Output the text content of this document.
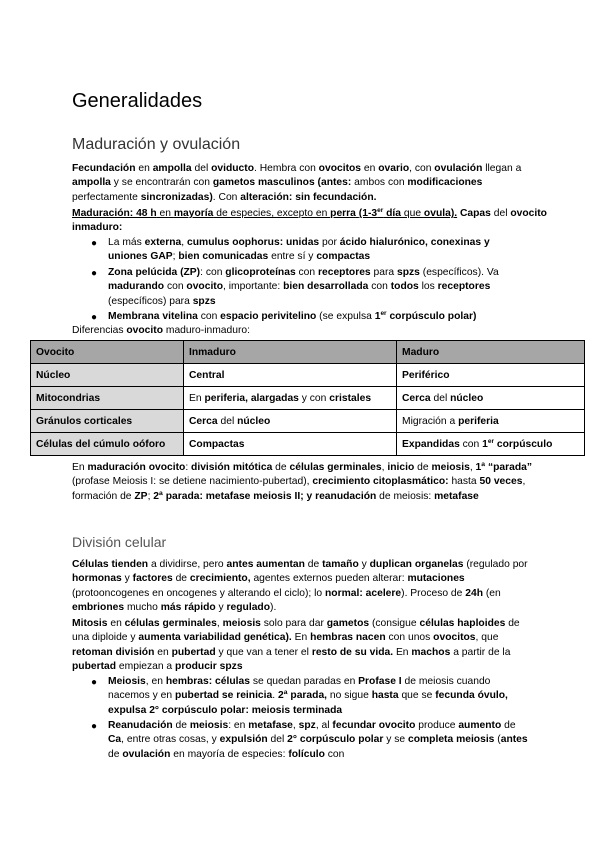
Generalidades
Maduración y ovulación
Fecundación en ampolla del oviducto. Hembra con ovocitos en ovario, con ovulación llegan a ampolla y se encontrarán con gametos masculinos (antes: ambos con modificaciones perfectamente sincronizadas). Con alteración: sin fecundación.
Maduración: 48 h en mayoría de especies, excepto en perra (1-3er día que ovula). Capas del ovocito inmaduro:
● La más externa, cumulus oophorus: unidas por ácido hialurónico, conexinas y uniones GAP; bien comunicadas entre sí y compactas
● Zona pelúcida (ZP): con glicoproteínas con receptores para spzs (específicos). Va madurando con ovocito, importante: bien desarrollada con todos los receptores (específicos) para spzs
● Membrana vitelina con espacio perivitelino (se expulsa 1er corpúsculo polar)
Diferencias ovocito maduro-inmaduro:
Ovocito	Inmaduro	Maduro
Núcleo	Central	Periférico
Mitocondrias	En periferia, alargadas y con cristales	Cerca del núcleo
Gránulos corticales	Cerca del núcleo	Migración a periferia
Células del cúmulo oóforo	Compactas	Expandidas con 1er corpúsculo
En maduración ovocito: división mitótica de células germinales, inicio de meiosis, 1ª “parada” (profase Meiosis I: se detiene nacimiento-pubertad), crecimiento citoplasmático: hasta 50 veces, formación de ZP; 2ª parada: metafase meiosis II; y reanudación de meiosis: metafase
División celular
Células tienden a dividirse, pero antes aumentan de tamaño y duplican organelas (regulado por hormonas y factores de crecimiento, agentes externos pueden alterar: mutaciones (protooncogenes en oncogenes y alterando el ciclo); lo normal: acelere). Proceso de 24h (en embriones mucho más rápido y regulado).
Mitosis en células germinales, meiosis solo para dar gametos (consigue células haploides de una diploide y aumenta variabilidad genética). En hembras nacen con unos ovocitos, que retoman división en pubertad y que van a tener el resto de su vida. En machos a partir de la pubertad empiezan a producir spzs
● Meiosis, en hembras: células se quedan paradas en Profase I de meiosis cuando nacemos y en pubertad se reinicia. 2ª parada, no sigue hasta que se fecunda óvulo, expulsa 2° corpúsculo polar: meiosis terminada
● Reanudación de meiosis: en metafase, spz, al fecundar ovocito produce aumento de Ca, entre otras cosas, y expulsión del 2° corpúsculo polar y se completa meiosis (antes de ovulación en mayoría de especies: folículo con
